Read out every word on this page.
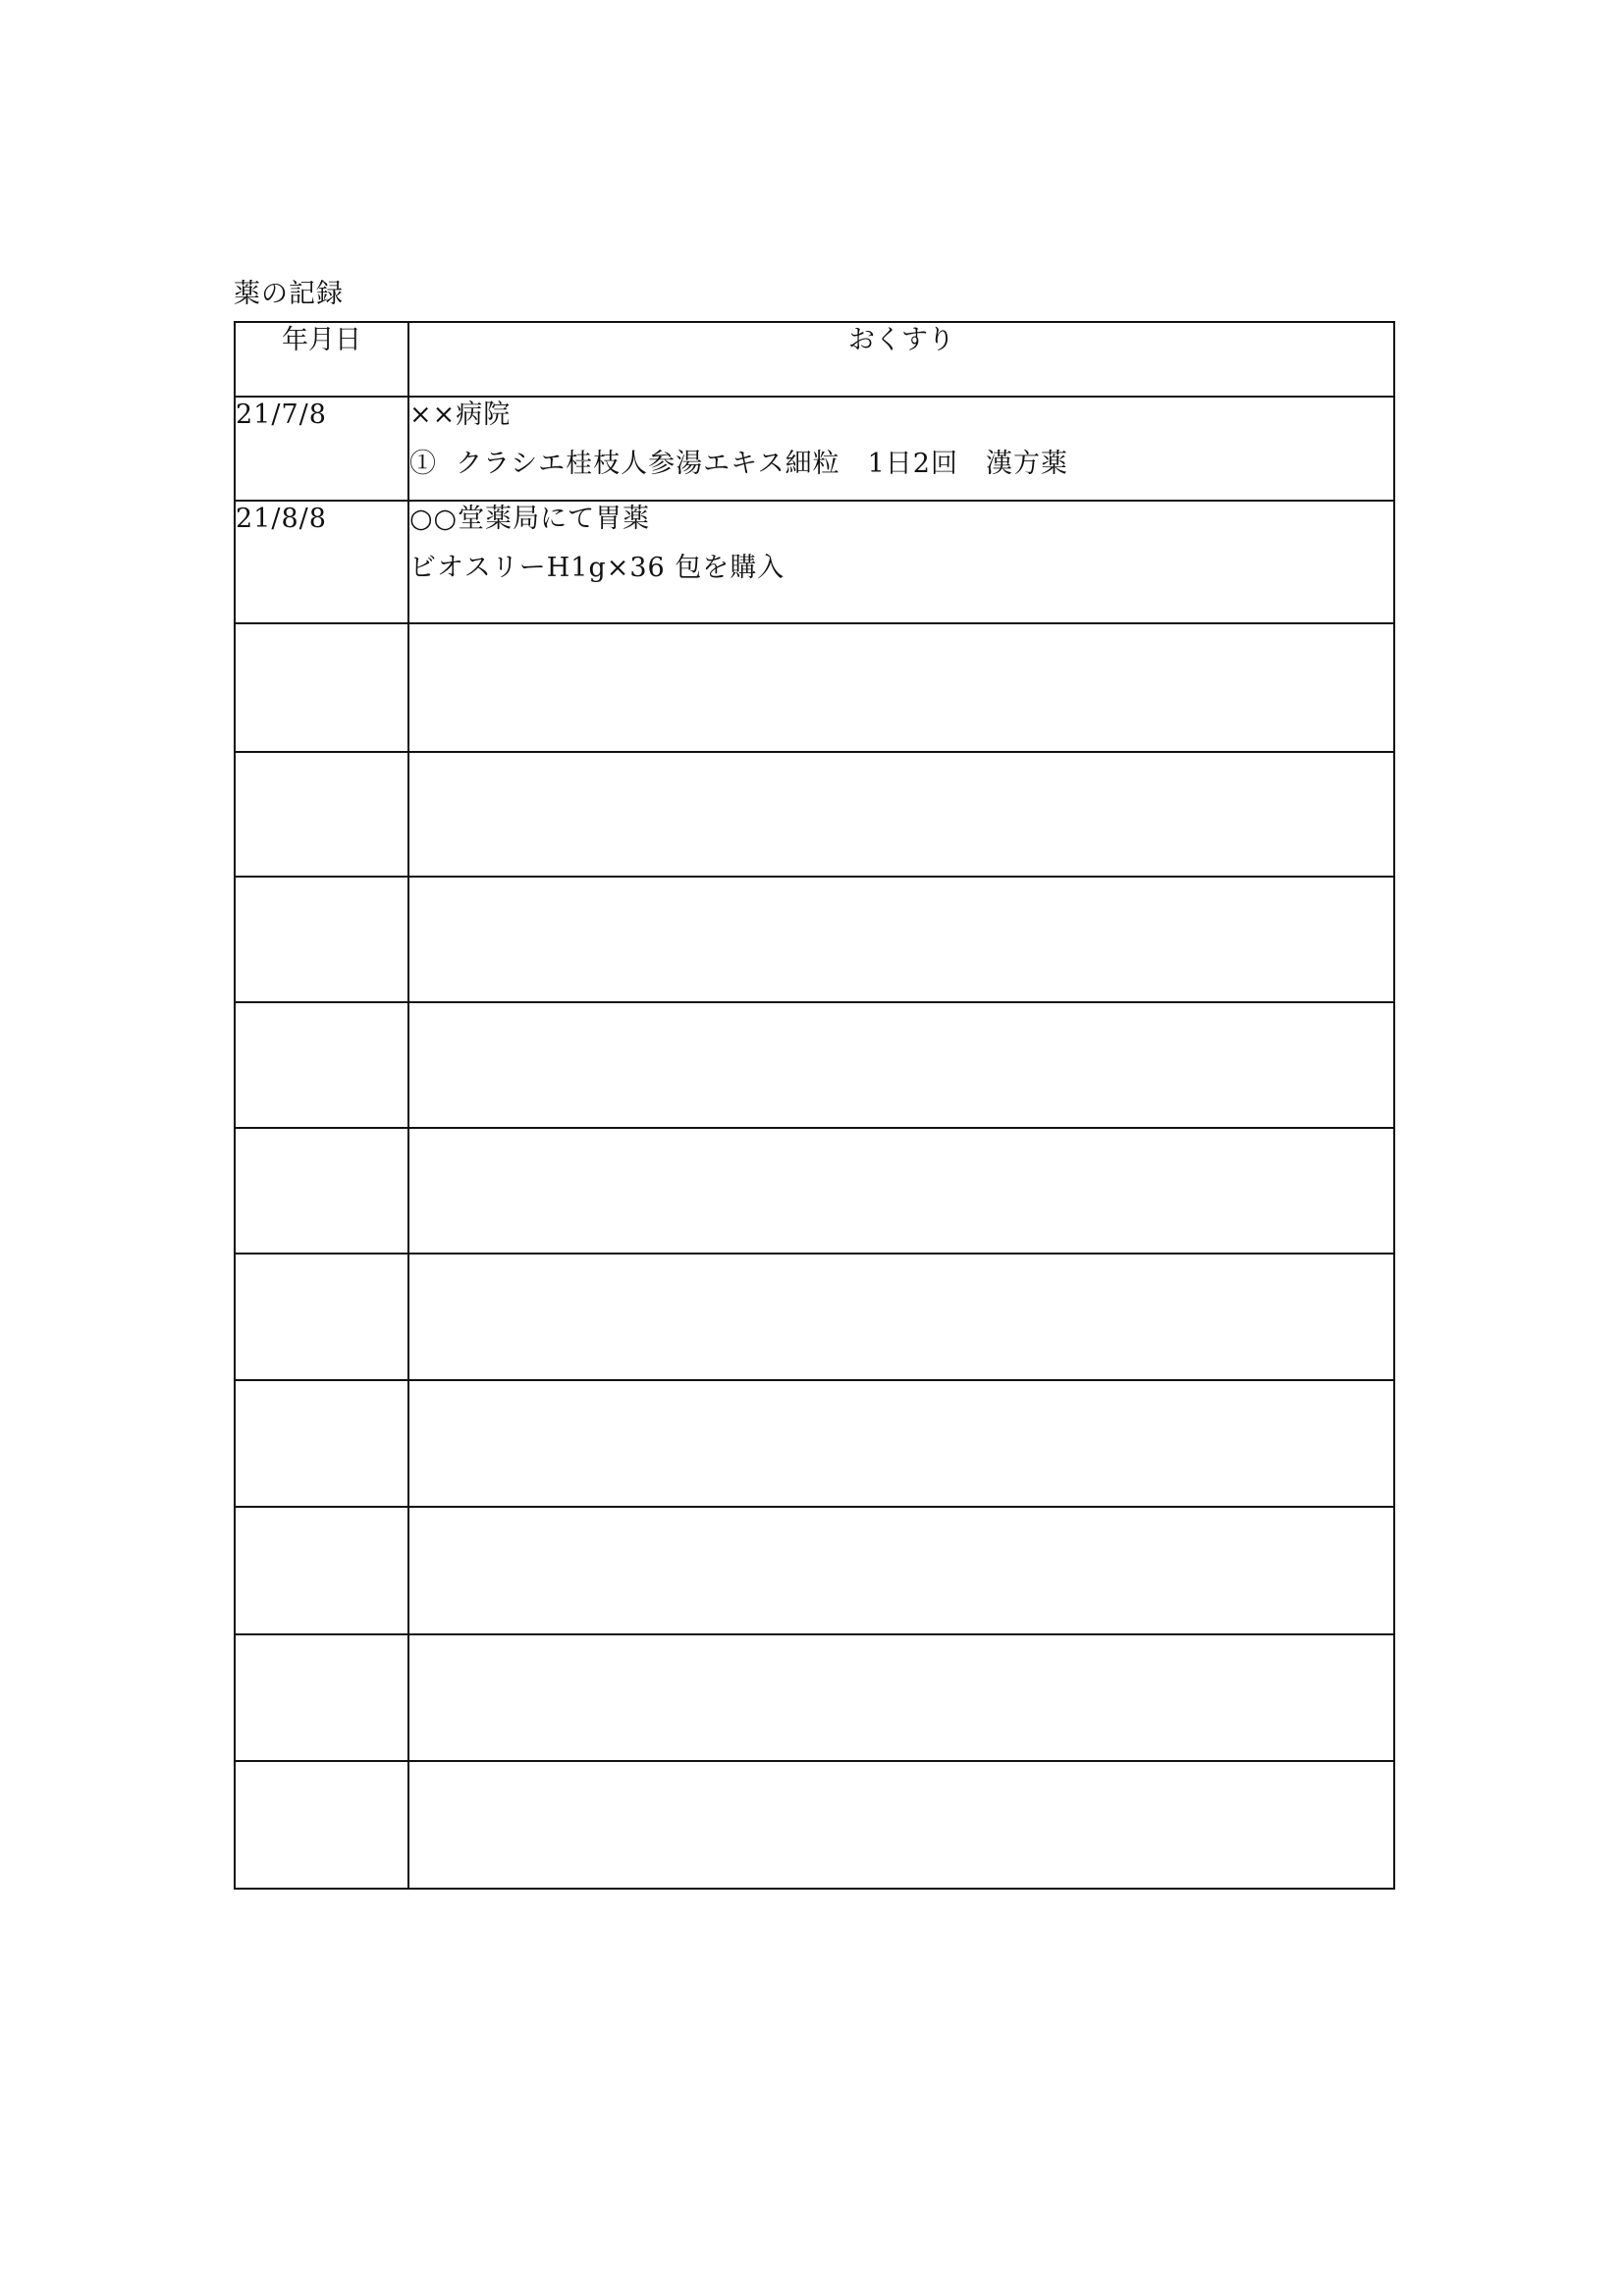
薬の記録
年月日	おくすり
21/7/8	××病院
①  クラシエ桂枝人参湯エキス細粒　1日2回　漢方薬

21/8/8	○○堂薬局にて胃薬
ビオスリーH1g×36 包を購入
